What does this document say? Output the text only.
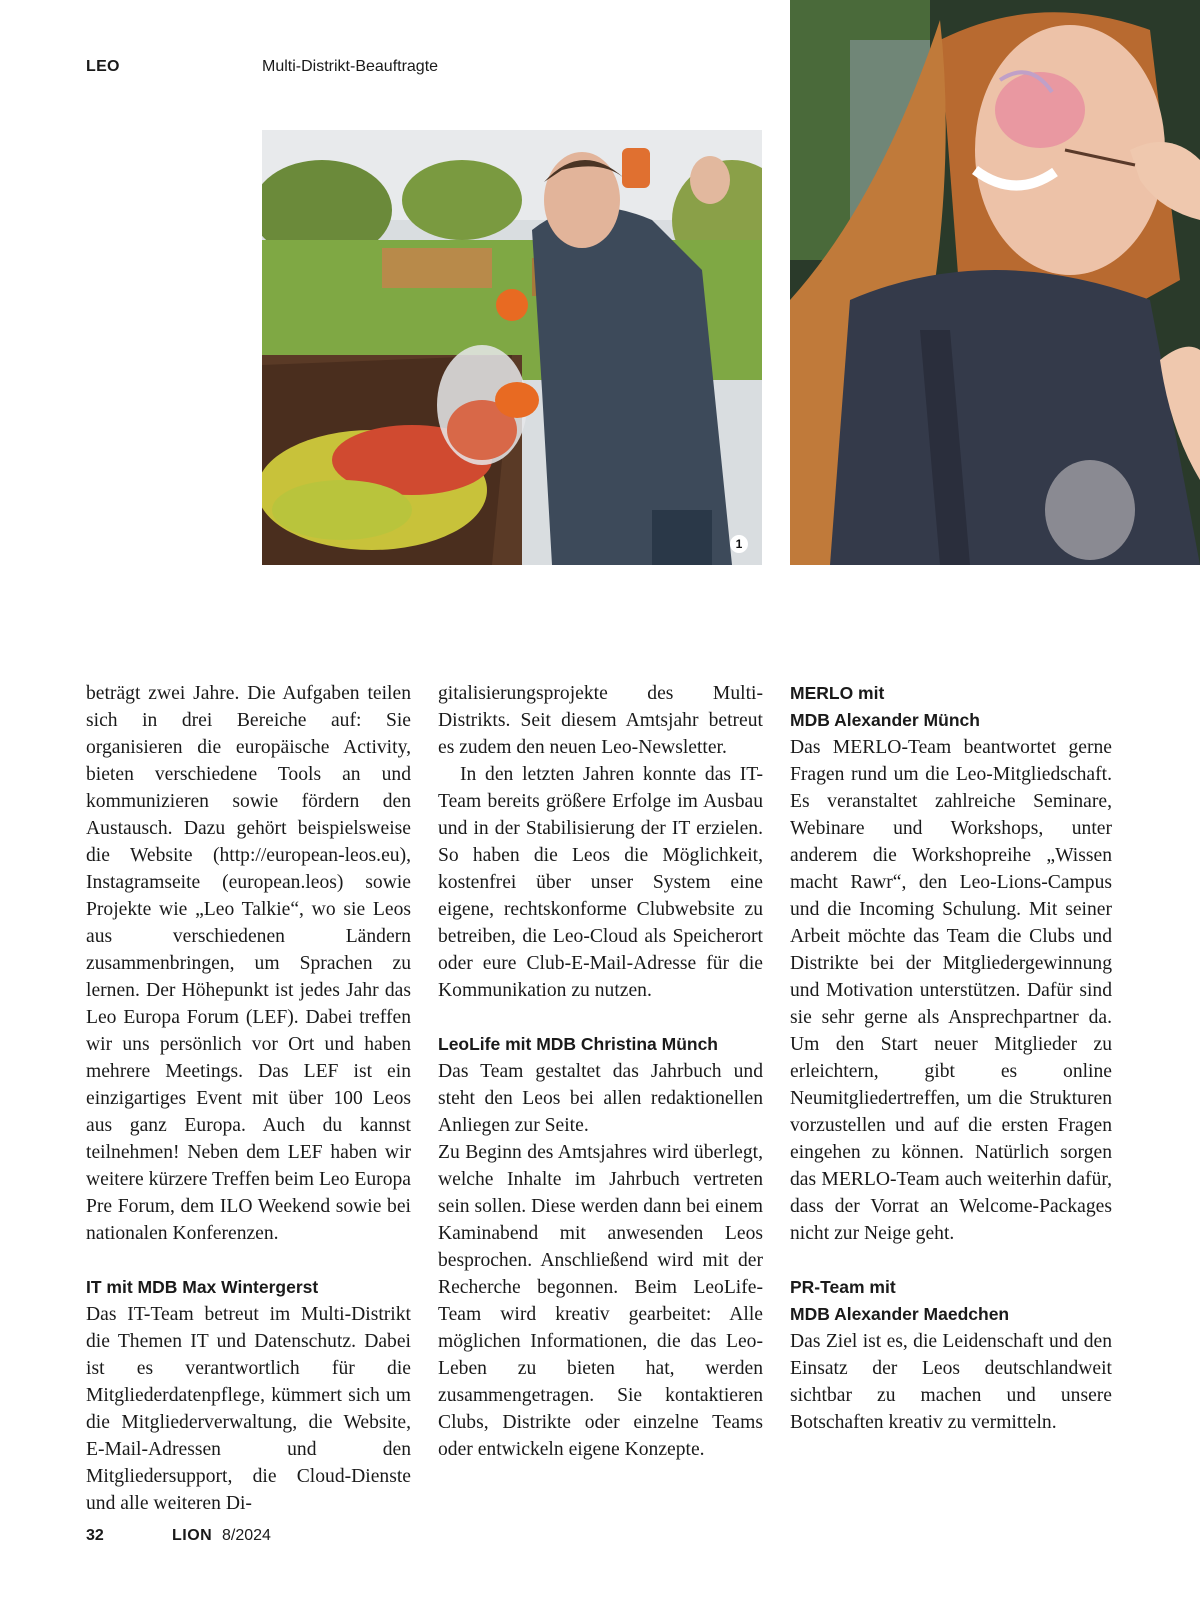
LEO	Multi-Distrikt-Beauftragte
1

beträgt zwei Jahre. Die Aufgaben teilen sich in drei Bereiche auf: Sie organisieren die europäische Activity, bieten verschiedene Tools an und kommunizieren sowie fördern den Austausch. Dazu gehört beispielsweise die Website (http://european-leos.eu), Instagramseite (european.leos) sowie Projekte wie „Leo Talkie“, wo sie Leos aus verschiedenen Ländern zusammenbringen, um Sprachen zu lernen. Der Höhepunkt ist jedes Jahr das Leo Europa Forum (LEF). Dabei treffen wir uns persönlich vor Ort und haben mehrere Meetings. Das LEF ist ein einzigartiges Event mit über 100 Leos aus ganz Europa. Auch du kannst teilnehmen! Neben dem LEF haben wir weitere kürzere Treffen beim Leo Europa Pre Forum, dem ILO Weekend sowie bei nationalen Konferenzen.

IT mit MDB Max Wintergerst

Das IT-Team betreut im Multi-Distrikt die Themen IT und Datenschutz. Dabei ist es verantwortlich für die Mitgliederdatenpflege, kümmert sich um die Mitgliederverwaltung, die Website, E-Mail-Adressen und den Mitgliedersupport, die Cloud-Dienste und alle weiteren Di-

gitalisierungsprojekte des Multi-Distrikts. Seit diesem Amtsjahr betreut es zudem den neuen Leo-Newsletter.

In den letzten Jahren konnte das IT-Team bereits größere Erfolge im Ausbau und in der Stabilisierung der IT erzielen. So haben die Leos die Möglichkeit, kostenfrei über unser System eine eigene, rechtskonforme Clubwebsite zu betreiben, die Leo-Cloud als Speicherort oder eure Club-E-Mail-Adresse für die Kommunikation zu nutzen.

LeoLife mit MDB Christina Münch

Das Team gestaltet das Jahrbuch und steht den Leos bei allen redaktionellen Anliegen zur Seite.

Zu Beginn des Amtsjahres wird überlegt, welche Inhalte im Jahrbuch vertreten sein sollen. Diese werden dann bei einem Kaminabend mit anwesenden Leos besprochen. Anschließend wird mit der Recherche begonnen. Beim LeoLife-Team wird kreativ gearbeitet: Alle möglichen Informationen, die das Leo-Leben zu bieten hat, werden zusammengetragen. Sie kontaktieren Clubs, Distrikte oder einzelne Teams oder entwickeln eigene Konzepte.

MERLO mit
MDB Alexander Münch

Das MERLO-Team beantwortet gerne Fragen rund um die Leo-Mitgliedschaft. Es veranstaltet zahlreiche Seminare, Webinare und Workshops, unter anderem die Workshopreihe „Wissen macht Rawr“, den Leo-Lions-Campus und die Incoming Schulung. Mit seiner Arbeit möchte das Team die Clubs und Distrikte bei der Mitgliedergewinnung und Motivation unterstützen. Dafür sind sie sehr gerne als Ansprechpartner da. Um den Start neuer Mitglieder zu erleichtern, gibt es online Neumitgliedertreffen, um die Strukturen vorzustellen und auf die ersten Fragen eingehen zu können. Natürlich sorgen das MERLO-Team auch weiterhin dafür, dass der Vorrat an Welcome-Packages nicht zur Neige geht.

PR-Team mit
MDB Alexander Maedchen

Das Ziel ist es, die Leidenschaft und den Einsatz der Leos deutschlandweit sichtbar zu machen und unsere Botschaften kreativ zu vermitteln.

32	LION 8/2024
